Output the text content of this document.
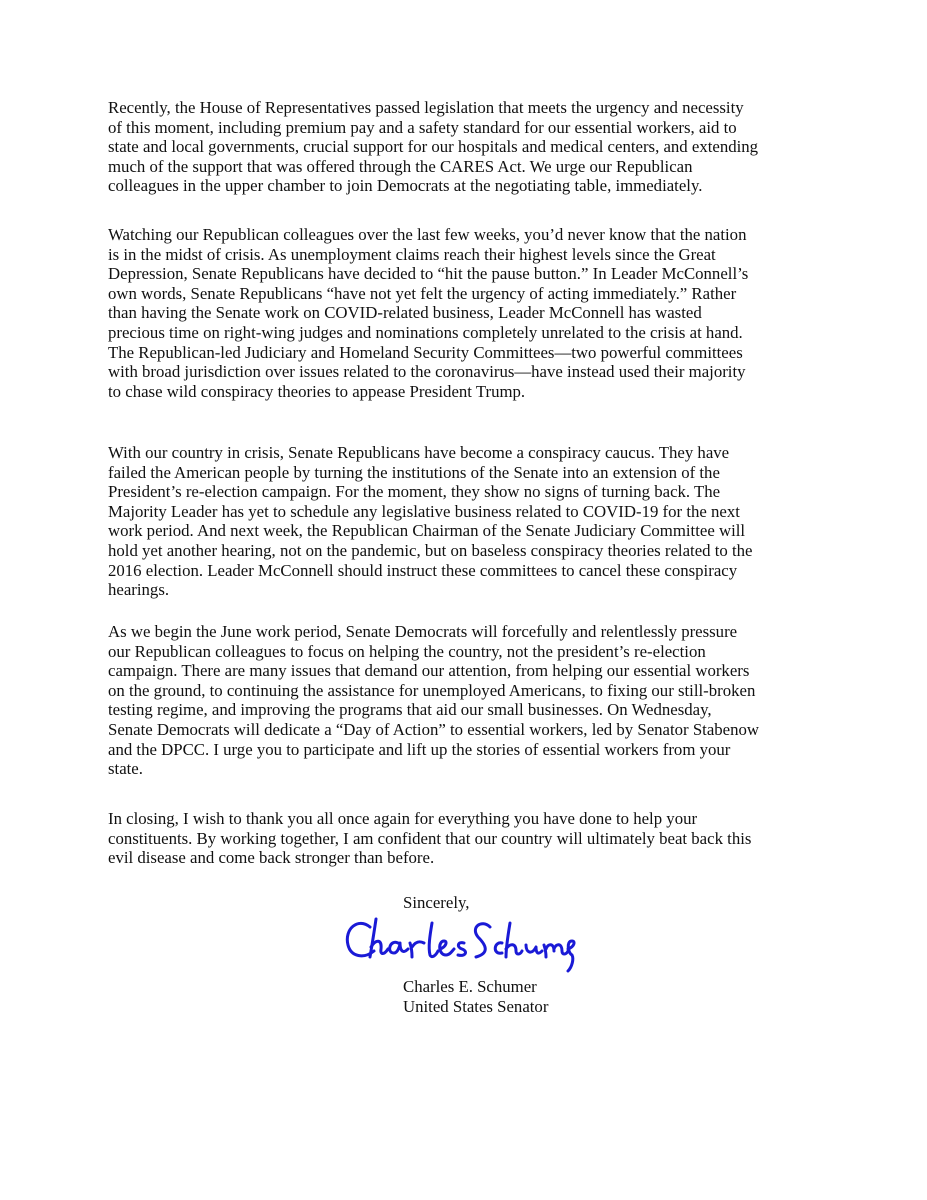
Recently, the House of Representatives passed legislation that meets the urgency and necessity
of this moment, including premium pay and a safety standard for our essential workers, aid to
state and local governments, crucial support for our hospitals and medical centers, and extending
much of the support that was offered through the CARES Act. We urge our Republican
colleagues in the upper chamber to join Democrats at the negotiating table, immediately.

Watching our Republican colleagues over the last few weeks, you’d never know that the nation
is in the midst of crisis. As unemployment claims reach their highest levels since the Great
Depression, Senate Republicans have decided to “hit the pause button.” In Leader McConnell’s
own words, Senate Republicans “have not yet felt the urgency of acting immediately.” Rather
than having the Senate work on COVID-related business, Leader McConnell has wasted
precious time on right-wing judges and nominations completely unrelated to the crisis at hand.
The Republican-led Judiciary and Homeland Security Committees—two powerful committees
with broad jurisdiction over issues related to the coronavirus—have instead used their majority
to chase wild conspiracy theories to appease President Trump.

With our country in crisis, Senate Republicans have become a conspiracy caucus. They have
failed the American people by turning the institutions of the Senate into an extension of the
President’s re-election campaign. For the moment, they show no signs of turning back. The
Majority Leader has yet to schedule any legislative business related to COVID-19 for the next
work period. And next week, the Republican Chairman of the Senate Judiciary Committee will
hold yet another hearing, not on the pandemic, but on baseless conspiracy theories related to the
2016 election. Leader McConnell should instruct these committees to cancel these conspiracy
hearings.

As we begin the June work period, Senate Democrats will forcefully and relentlessly pressure
our Republican colleagues to focus on helping the country, not the president’s re-election
campaign. There are many issues that demand our attention, from helping our essential workers
on the ground, to continuing the assistance for unemployed Americans, to fixing our still-broken
testing regime, and improving the programs that aid our small businesses. On Wednesday,
Senate Democrats will dedicate a “Day of Action” to essential workers, led by Senator Stabenow
and the DPCC. I urge you to participate and lift up the stories of essential workers from your
state.

In closing, I wish to thank you all once again for everything you have done to help your
constituents. By working together, I am confident that our country will ultimately beat back this
evil disease and come back stronger than before.

Sincerely,
Charles E. Schumer
United States Senator
